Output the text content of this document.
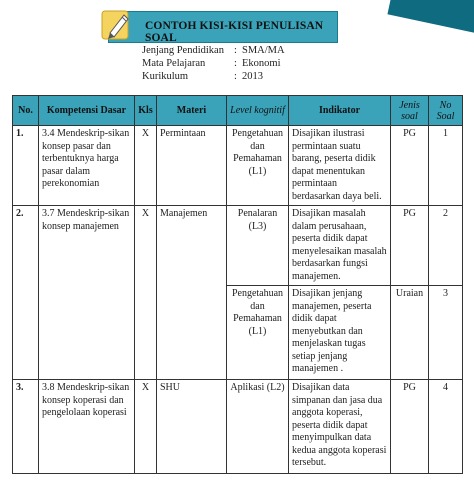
CONTOH KISI-KISI PENULISAN SOAL
Jenjang Pendidikan : SMA/MA
Mata Pelajaran	: Ekonomi
Kurikulum	: 2013
No.	Kompetensi Dasar	Kls	Materi	Level kognitif	Indikator	Jenis soal	No Soal
1.	3.4 Mendeskrip-sikan konsep pasar dan terbentuknya harga pasar dalam perekonomian	X	Permintaan	Pengetahuan dan Pemahaman (L1)	Disajikan ilustrasi permintaan suatu barang, peserta didik dapat menentukan permintaan berdasarkan daya beli.	PG	1
2.	3.7 Mendeskrip-sikan konsep manajemen	X	Manajemen	Penalaran (L3)	Disajikan masalah dalam perusahaan, peserta didik dapat menyelesaikan masalah berdasarkan fungsi manajemen.	PG	2
				Pengetahuan dan Pemahaman (L1)	Disajikan jenjang manajemen, peserta didik dapat menyebutkan dan menjelaskan tugas setiap jenjang manajemen .	Uraian	3
3.	3.8 Mendeskrip-sikan konsep koperasi dan pengelolaan koperasi	X	SHU	Aplikasi (L2)	Disajikan data simpanan dan jasa dua anggota koperasi, peserta didik dapat menyimpulkan data kedua anggota koperasi tersebut.	PG	4
